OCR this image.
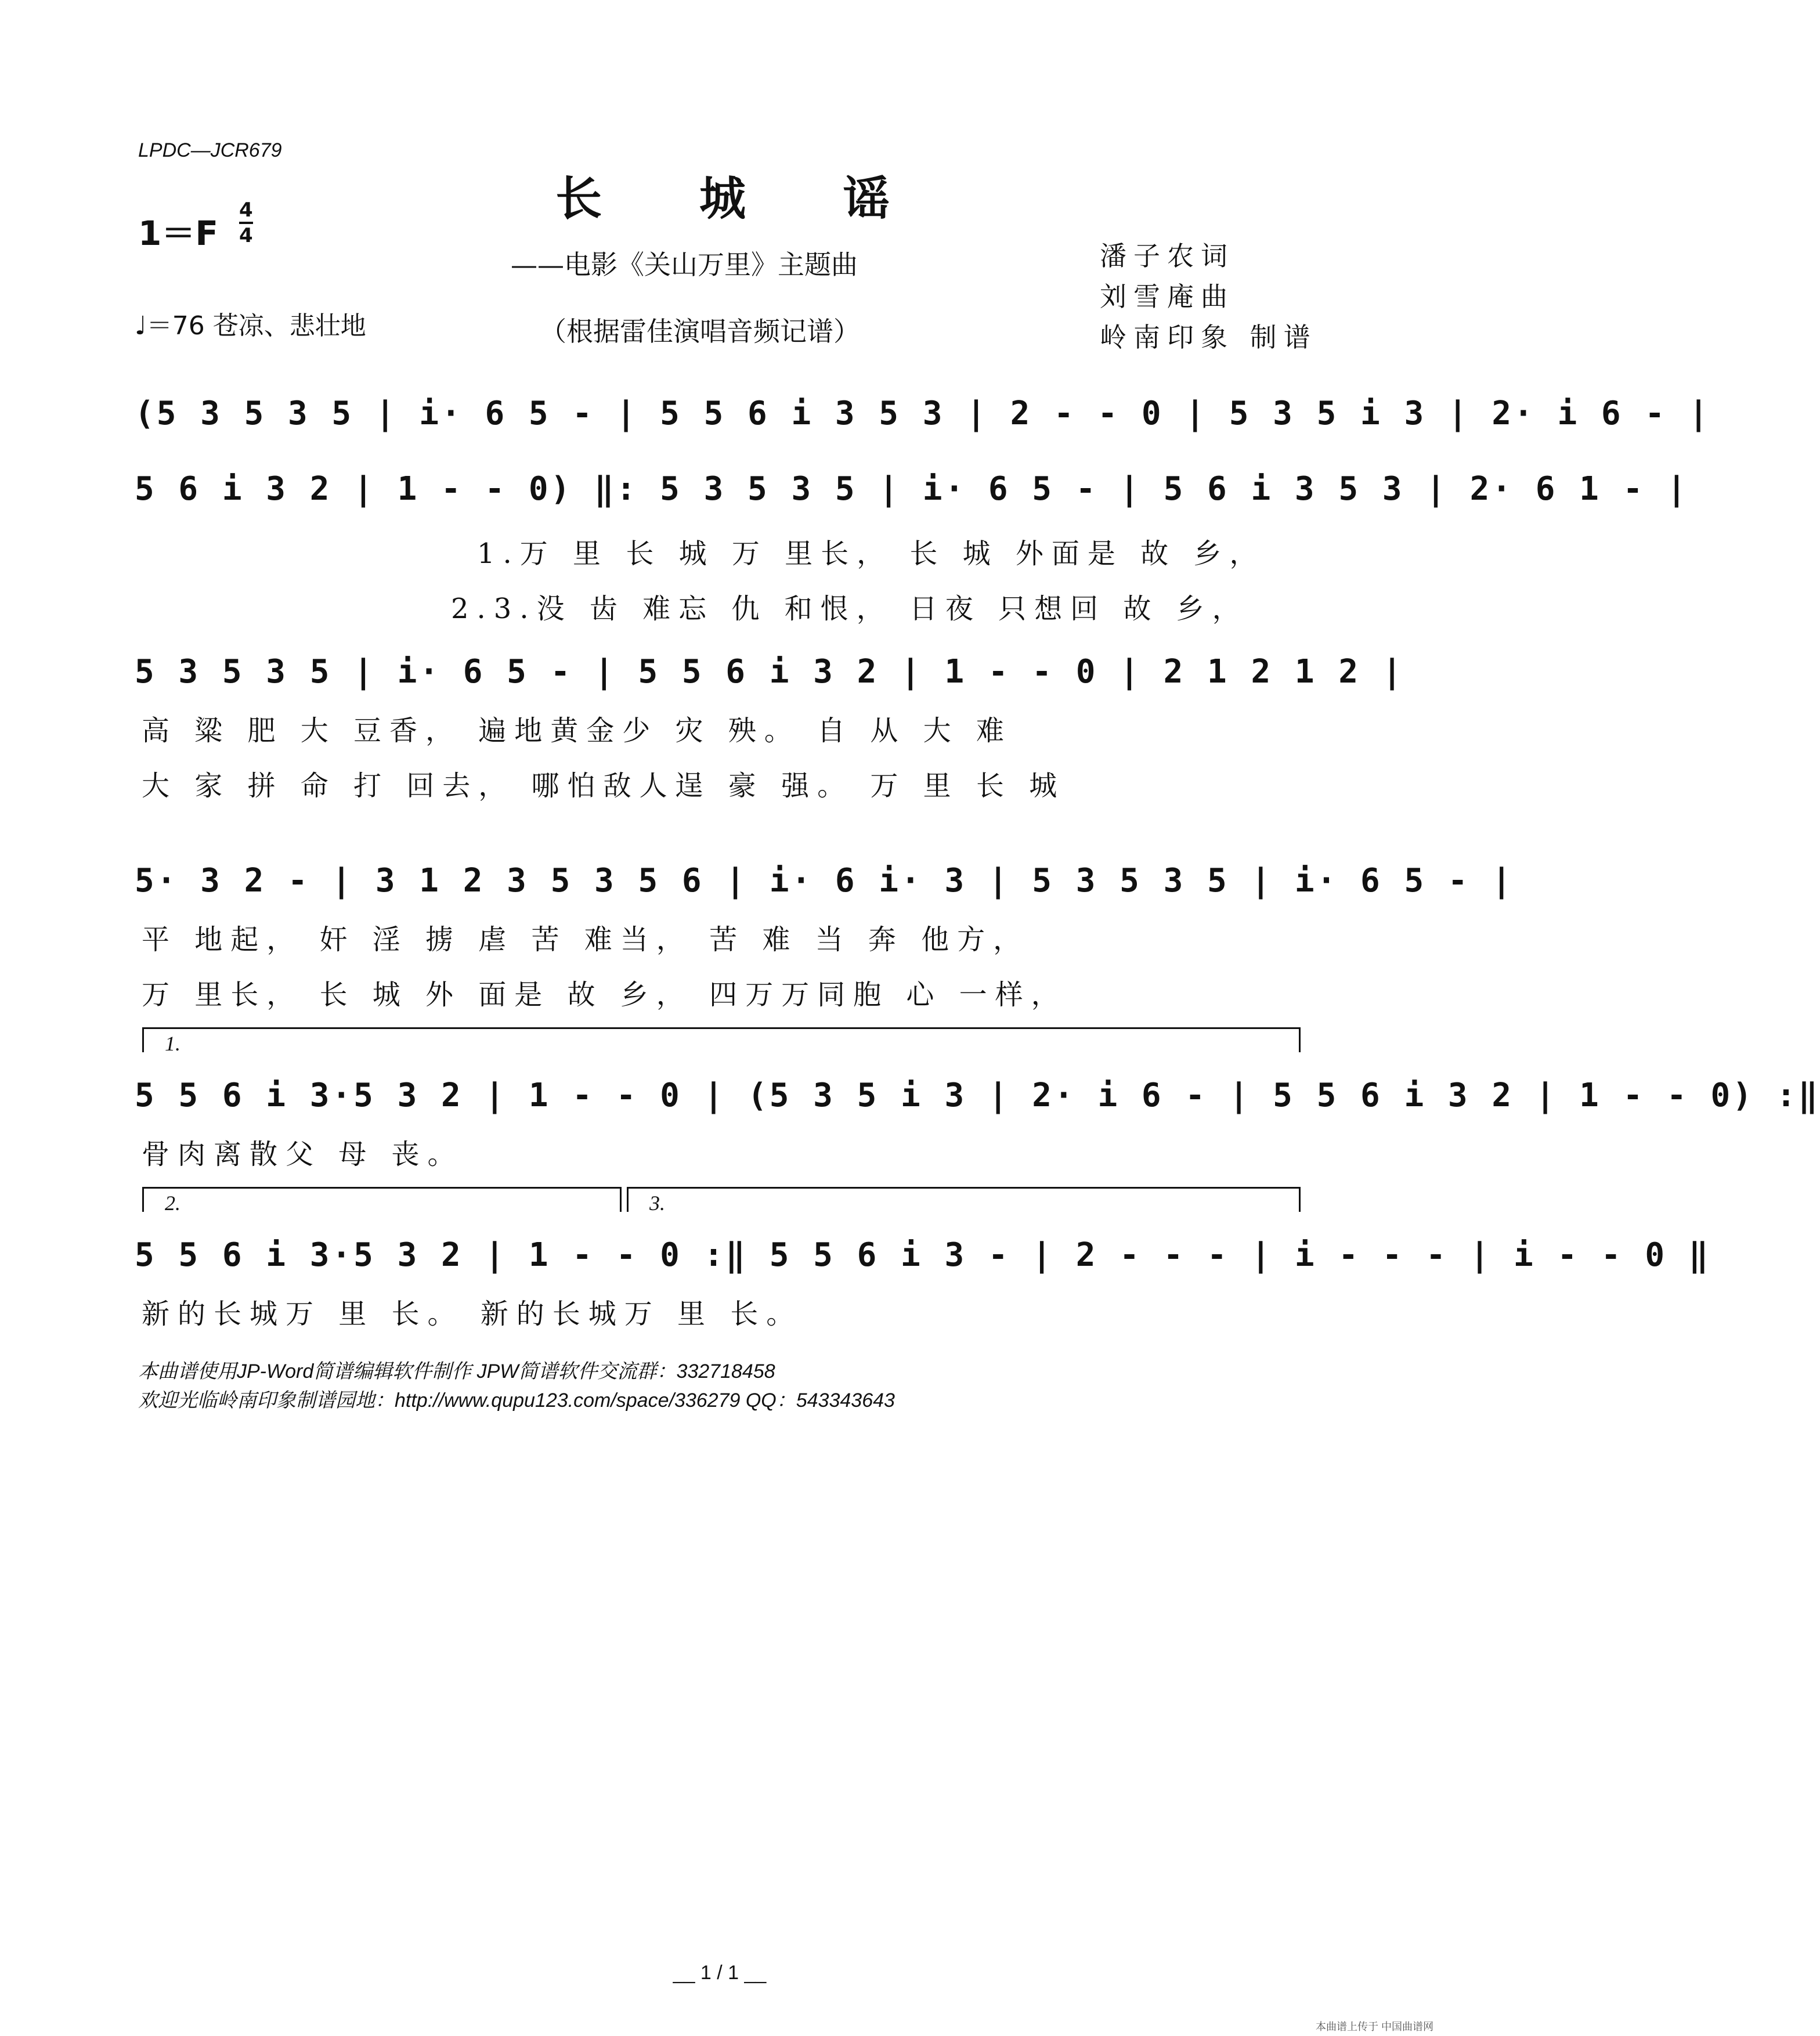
LPDC—JCR679
长 城 谣
——电影《关山万里》主题曲
（根据雷佳演唱音频记谱）
1＝F
4
4
♩＝76 苍凉、悲壮地
潘子农词
刘雪庵曲
岭南印象 制谱
(5 3 5 3 5 | i· 6 5 - | 5 5 6 i 3 5 3 | 2 - - 0 | 5 3 5 i 3 | 2· i 6 - |
5 6 i 3 2 | 1 - - 0) ‖: 5 3 5 3 5 | i· 6 5 - | 5 6 i 3 5 3 | 2· 6 1 - |
1.万 里 长 城 万 里长， 长 城 外面是 故 乡，
2.3.没 齿 难忘 仇 和恨， 日夜 只想回 故 乡，
5 3 5 3 5 | i· 6 5 - | 5 5 6 i 3 2 | 1 - - 0 | 2 1 2 1 2 |
高 粱 肥 大 豆香， 遍地黄金少 灾 殃。 自 从 大 难
大 家 拼 命 打 回去， 哪怕敌人逞 豪 强。 万 里 长 城
5· 3 2 - | 3 1 2 3 5 3 5 6 | i· 6 i· 3 | 5 3 5 3 5 | i· 6 5 - |
平 地起， 奸 淫 掳 虐 苦 难当， 苦 难 当 奔 他方，
万 里长， 长 城 外 面是 故 乡， 四万万同胞 心 一样，
1.
5 5 6 i 3·5 3 2 | 1 - - 0 | (5 3 5 i 3 | 2· i 6 - | 5 5 6 i 3 2 | 1 - - 0) :‖
骨肉离散父 母 丧。
2.	3.
5 5 6 i 3·5 3 2 | 1 - - 0 :‖ 5 5 6 i 3 - | 2 - - - | i - - - | i - - 0 ‖
新的长城万 里 长。 新的长城万 里 长。
本曲谱使用JP-Word简谱编辑软件制作 JPW简谱软件交流群：332718458
欢迎光临岭南印象制谱园地：http://www.qupu123.com/space/336279 QQ：543343643
__ 1 / 1 __
本曲谱上传于 中国曲谱网
